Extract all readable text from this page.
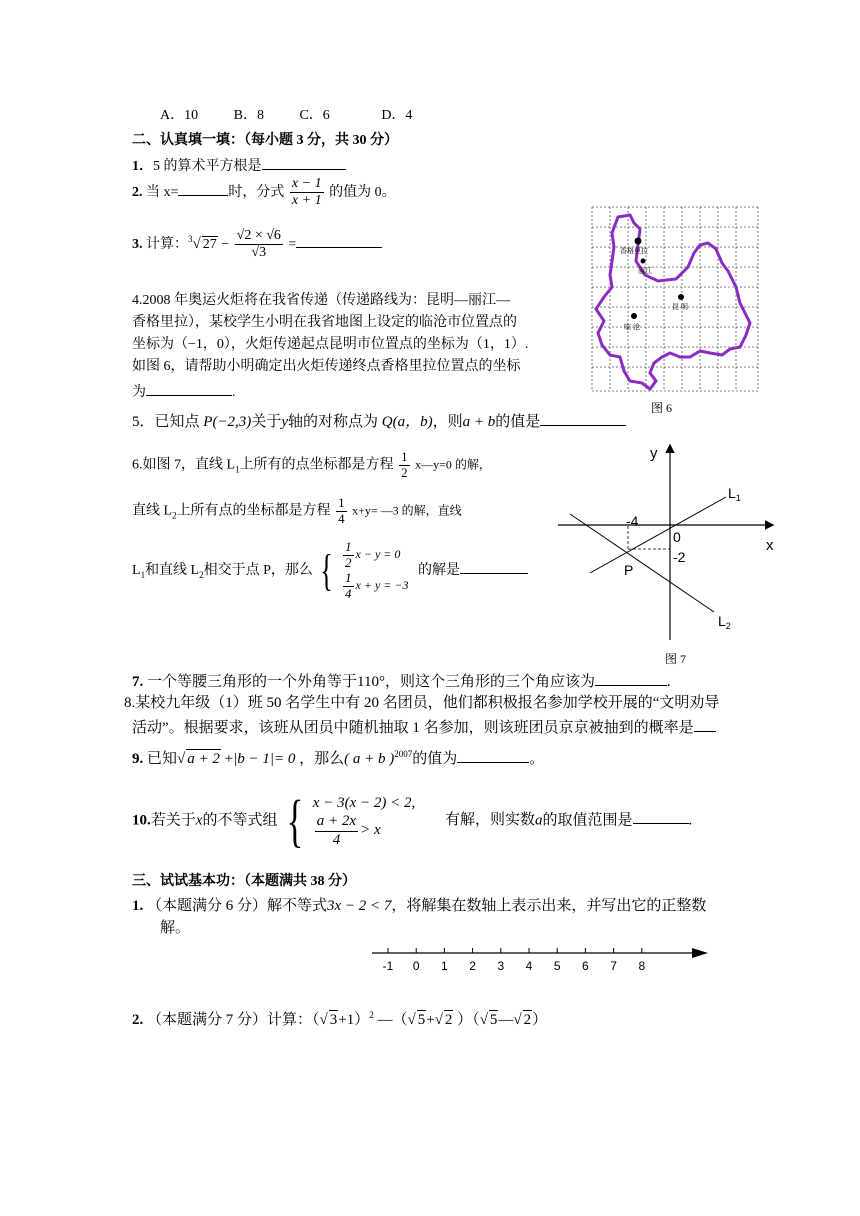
A．10	B．8	C．6	D．4
二、认真填一填：（每小题 3 分，共 30 分）
1．5 的算术平方根是
2. 当 x=	时，分式 $\frac{x - 1}{x + 1}$ 的值为 0。
3. 计算：$^3$√ $27 - \frac{√2 \times √6}{√3}$ =
4.2008 年奥运火炬将在我省传递（传递路线为：昆明—丽江—
香格里拉），某校学生小明在我省地图上设定的临沧市位置点的
坐标为（−1，0），火炬传递起点昆明市位置点的坐标为（1，1）.
如图 6，请帮助小明确定出火炬传递终点香格里拉位置点的坐标
为	.
香格里拉
丽江
昆 明
临 沧
图 6
5．已知点 P(−2,3)关于y轴的对称点为 Q(a，b)，则a + b的值是
6.如图 7，直线 $L_1$上所有的点坐标都是方程 $\frac{1}{2}$ x—y=0 的解，
直线 $L_2$上所有点的坐标都是方程 $\frac{1}{4} x+y=$ —3 的解，直线
$L_1$和直线 $L_2$相交于点 P，那么 { $\frac{1}{2}$ x − y = 0
$\frac{1}{4}$ x + y = −3
的解是
y
x
0
-4
-2
P
$L_1$
$L_2$
图 7
7. 一个等腰三角形的一个外角等于110°，则这个三角形的三个角应该为	.
8.某校九年级（1）班 50 名学生中有 20 名团员，他们都积极报名参加学校开展的“文明劝导
活动”。根据要求，该班从团员中随机抽取 1 名参加，则该班团员京京被抽到的概率是
9. 已知√ a + 2 +|b − 1|= 0 ，那么( a + b )$^{2007}$的值为	。
10.若关于x的不等式组 { x − 3(x − 2) < 2,
$\frac{a + 2x}{4} > x$
有解，则实数a的取值范围是	.
三、试试基本功：（本题满共 38 分）
1. （本题满分 6 分）解不等式3x − 2 < 7，将解集在数轴上表示出来，并写出它的正整数
解。
-1 0 1 2 3 4 5 6 7 8
2. （本题满分 7 分）计算：（√ 3+1）$^2$ —（√ 5+√ 2 ）（√ 5—√ 2）
